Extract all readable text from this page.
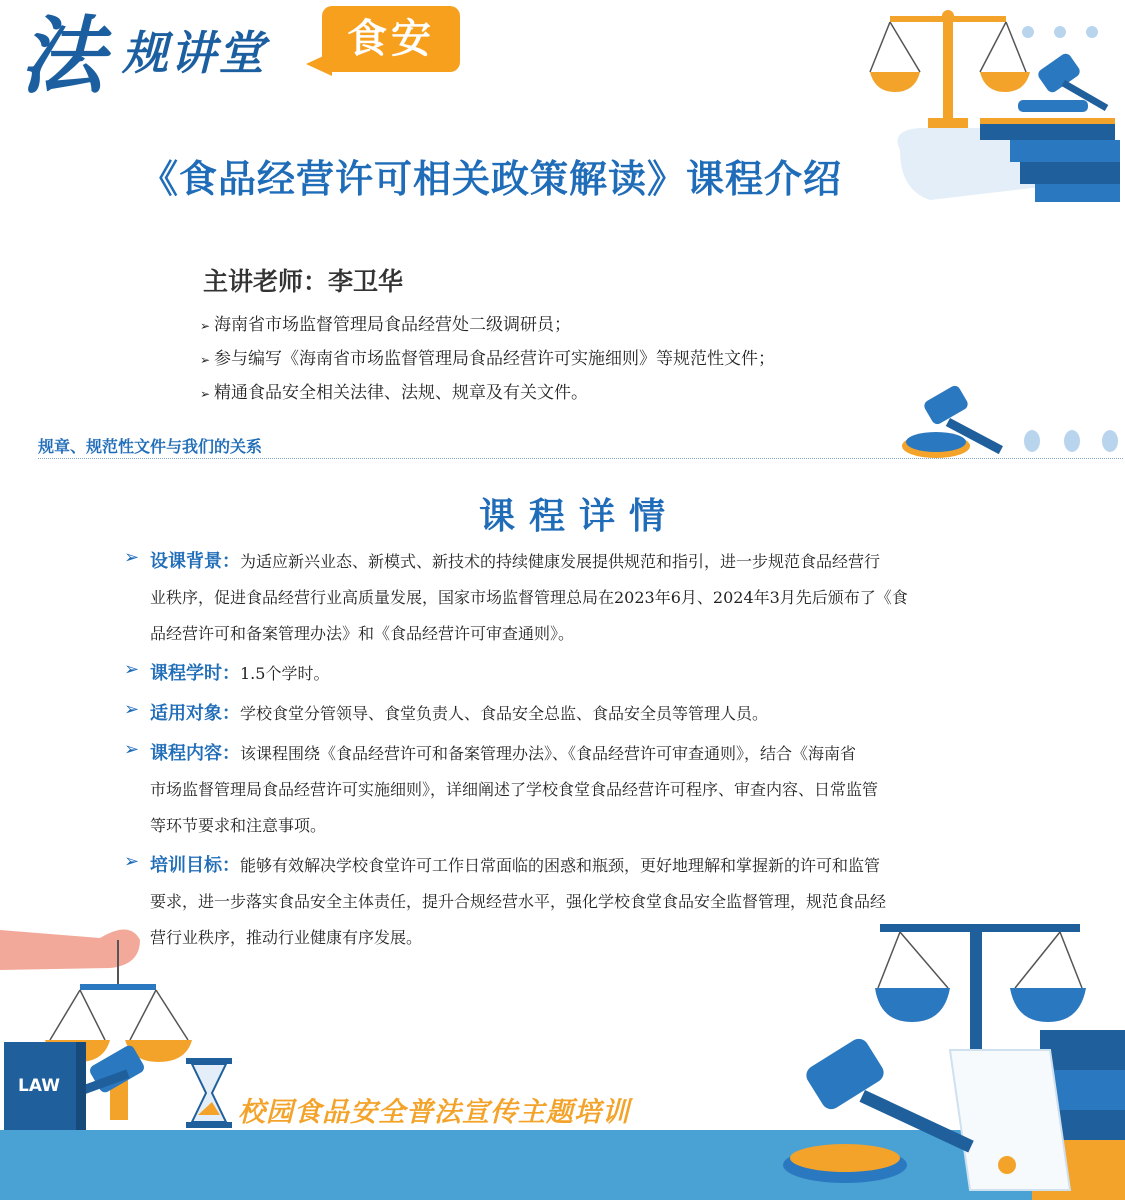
法 规讲堂	食安
《食品经营许可相关政策解读》课程介绍
主讲老师：李卫华
➢ 海南省市场监督管理局食品经营处二级调研员；
➢ 参与编写《海南省市场监督管理局食品经营许可实施细则》等规范性文件；
➢ 精通食品安全相关法律、法规、规章及有关文件。
规章、规范性文件与我们的关系
课程详情
➢ 设课背景：为适应新兴业态、新模式、新技术的持续健康发展提供规范和指引，进一步规范食品经营行
业秩序，促进食品经营行业高质量发展，国家市场监督管理总局在2023年6月、2024年3月先后颁布了《食
品经营许可和备案管理办法》和《食品经营许可审查通则》。
➢ 课程学时：1.5个学时。
➢ 适用对象：学校食堂分管领导、食堂负责人、食品安全总监、食品安全员等管理人员。
➢ 课程内容：该课程围绕《食品经营许可和备案管理办法》、《食品经营许可审查通则》，结合《海南省
市场监督管理局食品经营许可实施细则》，详细阐述了学校食堂食品经营许可程序、审查内容、日常监管
等环节要求和注意事项。
➢ 培训目标：能够有效解决学校食堂许可工作日常面临的困惑和瓶颈，更好地理解和掌握新的许可和监管
要求，进一步落实食品安全主体责任，提升合规经营水平，强化学校食堂食品安全监督管理，规范食品经
营行业秩序，推动行业健康有序发展。
LAW
校园食品安全普法宣传主题培训
